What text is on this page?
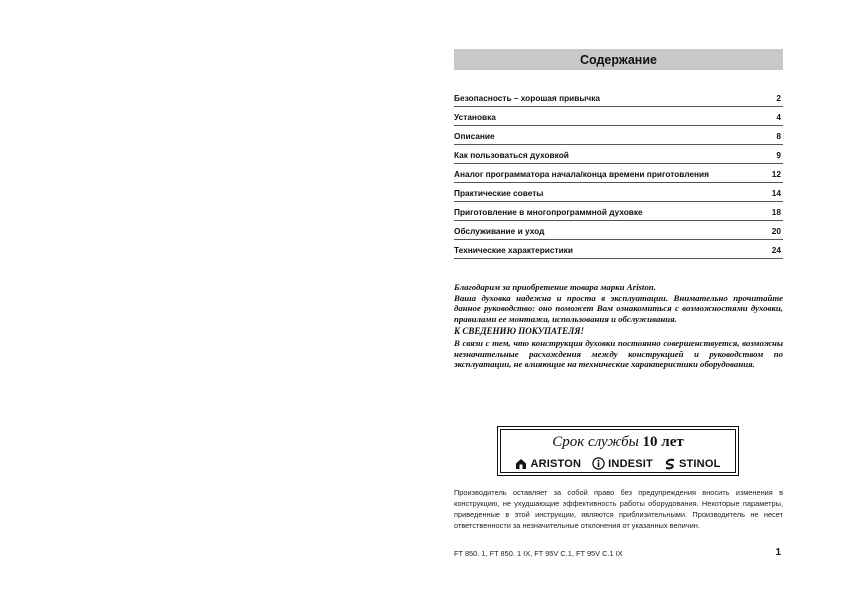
Содержание
Безопасность – хорошая привычка	2
Установка	4
Описание	8
Как пользоваться духовкой	9
Аналог программатора начала/конца времени приготовления	12
Практические советы	14
Приготовление в многопрограммной духовке	18
Обслуживание и уход	20
Технические характеристики	24

Благодарим за приобретение товара марки Ariston.

Ваша духовка надежна и проста в эксплуатации. Внимательно прочитайте данное руководство: оно поможет Вам ознакомиться с возможностями духовки, правилами ее монтажа, использования и обслуживания.

К СВЕДЕНИЮ ПОКУПАТЕЛЯ!
В связи с тем, что конструкция духовки постоянно совершенствуется, возможны незначительные расхождения между конструкцией и руководством по эксплуатации, не влияющие на технические характеристики оборудования.
Срок службы 10 лет
ARISTON INDESIT STINOL

Производитель оставляет за собой право без предупреждения вносить изменения в конструкцию, не ухудшающие эффективность работы оборудования. Некоторые параметры, приведенные в этой инструкции, являются приблизительными. Производитель не несет ответственности за незначительные отклонения от указанных величин.

FT 850. 1, FT 850. 1 IX, FT 95V C.1, FT 95V C.1 IX	1
